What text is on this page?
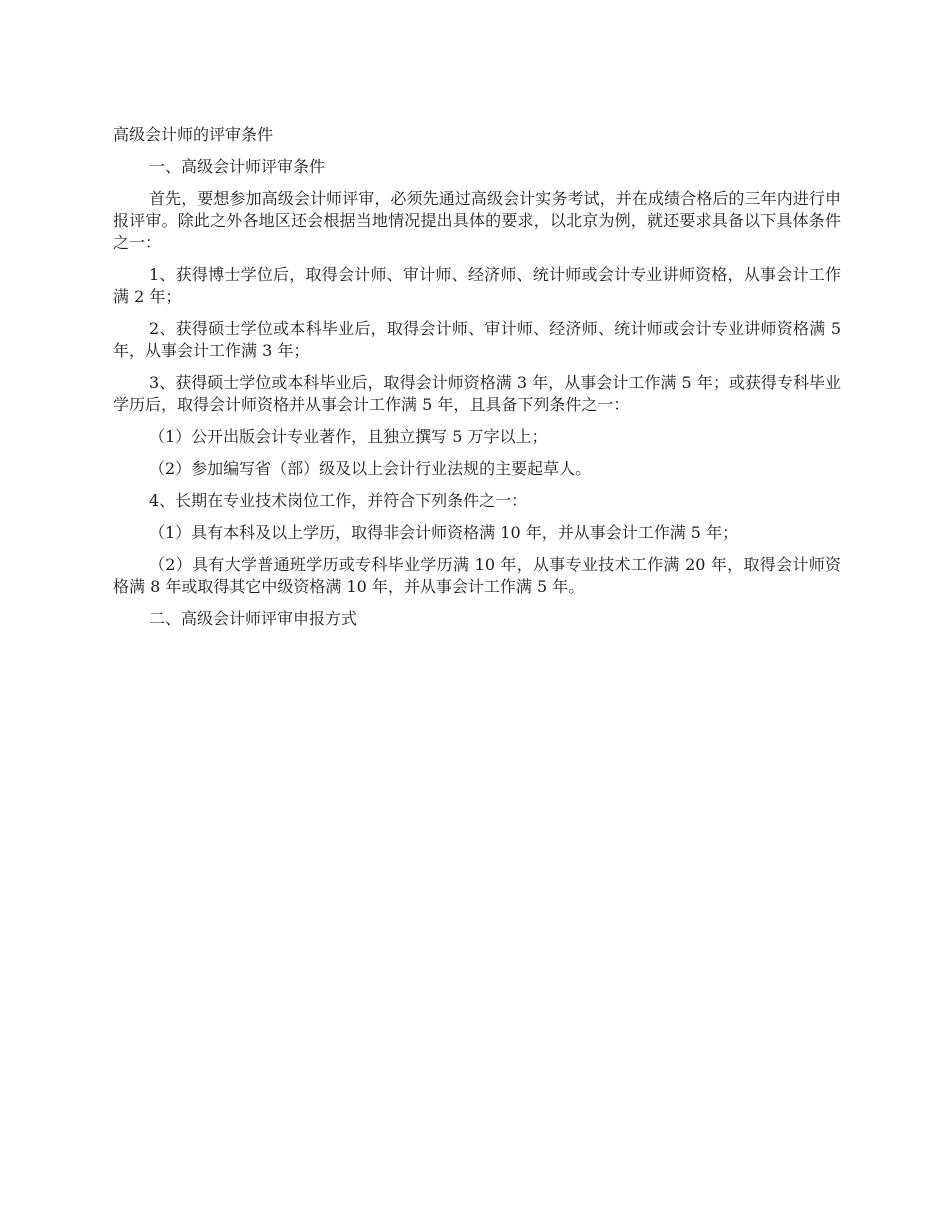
高级会计师的评审条件

一、高级会计师评审条件

首先，要想参加高级会计师评审，必须先通过高级会计实务考试，并在成绩合格后的三年内进行申报评审。除此之外各地区还会根据当地情况提出具体的要求，以北京为例，就还要求具备以下具体条件之一：

1、获得博士学位后，取得会计师、审计师、经济师、统计师或会计专业讲师资格，从事会计工作满 2 年；

2、获得硕士学位或本科毕业后，取得会计师、审计师、经济师、统计师或会计专业讲师资格满 5 年，从事会计工作满 3 年；

3、获得硕士学位或本科毕业后，取得会计师资格满 3 年，从事会计工作满 5 年；或获得专科毕业学历后，取得会计师资格并从事会计工作满 5 年，且具备下列条件之一：

（1）公开出版会计专业著作，且独立撰写 5 万字以上；

（2）参加编写省（部）级及以上会计行业法规的主要起草人。

4、长期在专业技术岗位工作，并符合下列条件之一：

（1）具有本科及以上学历，取得非会计师资格满 10 年，并从事会计工作满 5 年；

（2）具有大学普通班学历或专科毕业学历满 10 年，从事专业技术工作满 20 年，取得会计师资格满 8 年或取得其它中级资格满 10 年，并从事会计工作满 5 年。

二、高级会计师评审申报方式
